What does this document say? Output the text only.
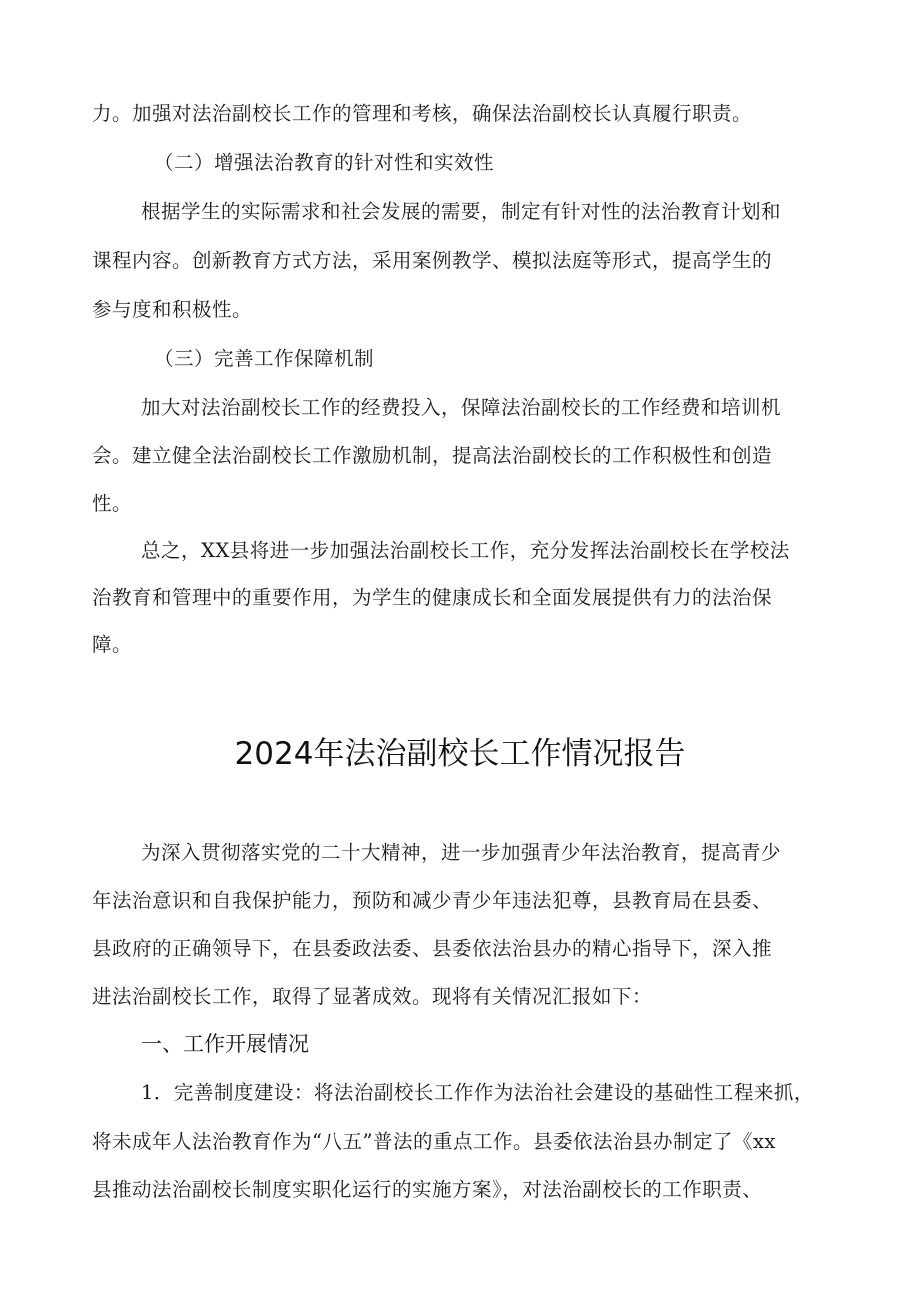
力。加强对法治副校长工作的管理和考核，确保法治副校长认真履行职责。
（二）增强法治教育的针对性和实效性
根据学生的实际需求和社会发展的需要，制定有针对性的法治教育计划和
课程内容。创新教育方式方法，采用案例教学、模拟法庭等形式，提高学生的
参与度和积极性。
（三）完善工作保障机制
加大对法治副校长工作的经费投入，保障法治副校长的工作经费和培训机
会。建立健全法治副校长工作激励机制，提高法治副校长的工作积极性和创造
性。
总之，XX县将进一步加强法治副校长工作，充分发挥法治副校长在学校法
治教育和管理中的重要作用，为学生的健康成长和全面发展提供有力的法治保
障。
2024年法治副校长工作情况报告
为深入贯彻落实党的二十大精神，进一步加强青少年法治教育，提高青少
年法治意识和自我保护能力，预防和减少青少年违法犯尊，县教育局在县委、
县政府的正确领导下，在县委政法委、县委依法治县办的精心指导下，深入推
进法治副校长工作，取得了显著成效。现将有关情况汇报如下：
一、工作开展情况
1．完善制度建设：将法治副校长工作作为法治社会建设的基础性工程来抓，
将未成年人法治教育作为“八五”普法的重点工作。县委依法治县办制定了《xx
县推动法治副校长制度实职化运行的实施方案》，对法治副校长的工作职责、
